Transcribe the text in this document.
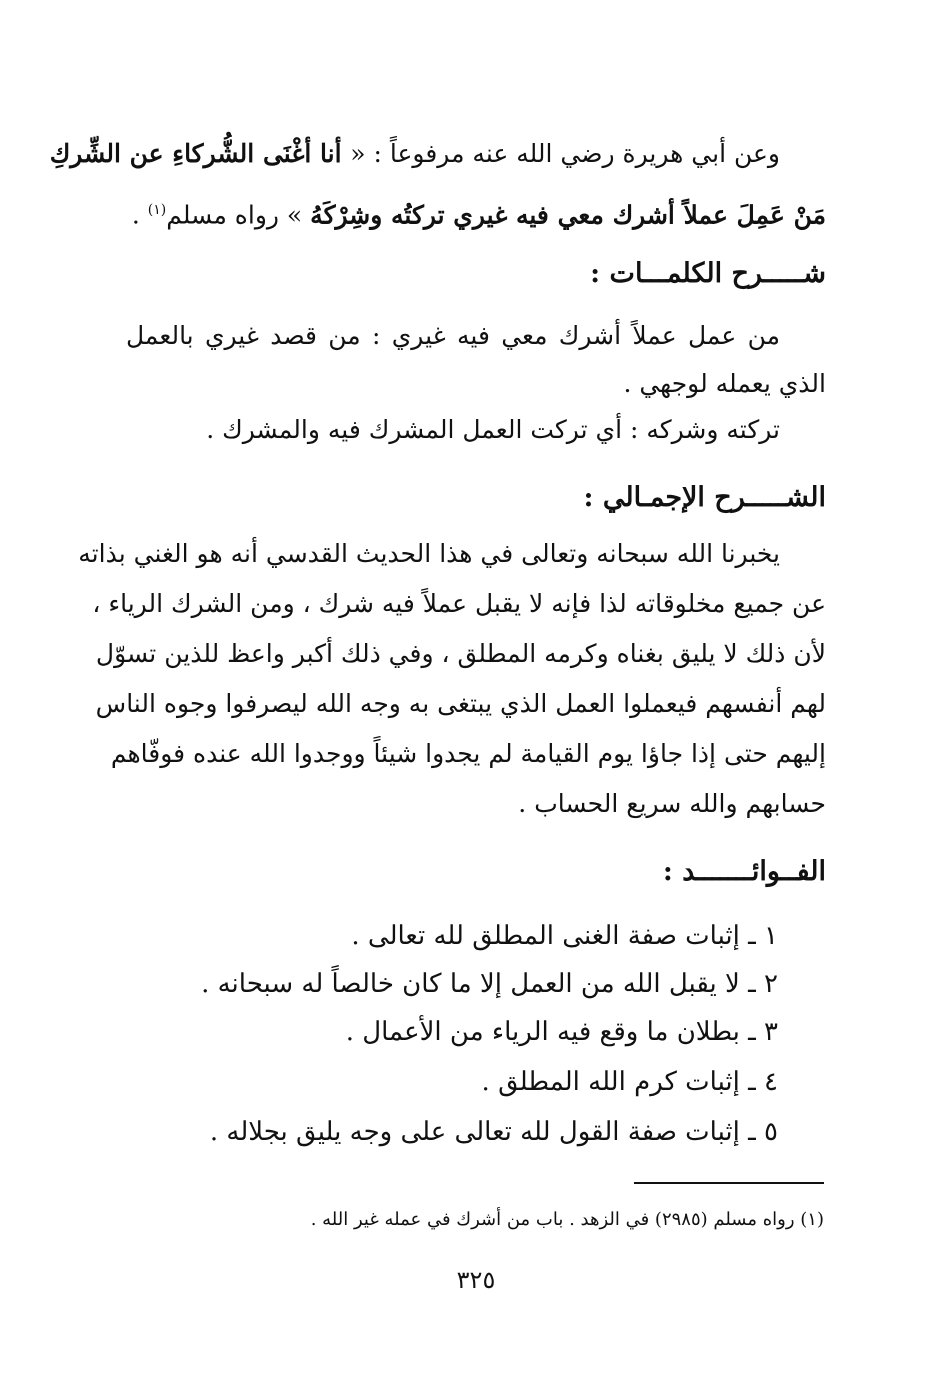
وعن أبي هريرة رضي الله عنه مرفوعاً : « أنا أغْنَى الشُّركاءِ عن الشِّركِ
مَنْ عَمِلَ عملاً أشرك معي فيه غيري تركتُه وشِرْكَهُ » رواه مسلم$^{(١)}$ .
شـــــرح الكلمـــات :
من عمل عملاً أشرك معي فيه غيري : من قصد غيري بالعمل
الذي يعمله لوجهي .
تركته وشركه : أي تركت العمل المشرك فيه والمشرك .
الشـــــرح الإجمـالي :
يخبرنا الله سبحانه وتعالى في هذا الحديث القدسي أنه هو الغني بذاته
عن جميع مخلوقاته لذا فإنه لا يقبل عملاً فيه شرك ، ومن الشرك الرياء ،
لأن ذلك لا يليق بغناه وكرمه المطلق ، وفي ذلك أكبر واعظ للذين تسوّل
لهم أنفسهم فيعملوا العمل الذي يبتغى به وجه الله ليصرفوا وجوه الناس
إليهم حتى إذا جاؤا يوم القيامة لم يجدوا شيئاً ووجدوا الله عنده فوفّاهم
حسابهم والله سريع الحساب .
الفــوائـــــــد :
١ ـ إثبات صفة الغنى المطلق لله تعالى .
٢ ـ لا يقبل الله من العمل إلا ما كان خالصاً له سبحانه .
٣ ـ بطلان ما وقع فيه الرياء من الأعمال .
٤ ـ إثبات كرم الله المطلق .
٥ ـ إثبات صفة القول لله تعالى على وجه يليق بجلاله .
(١) رواه مسلم (٢٩٨٥) في الزهد . باب من أشرك في عمله غير الله .
٣٢٥
